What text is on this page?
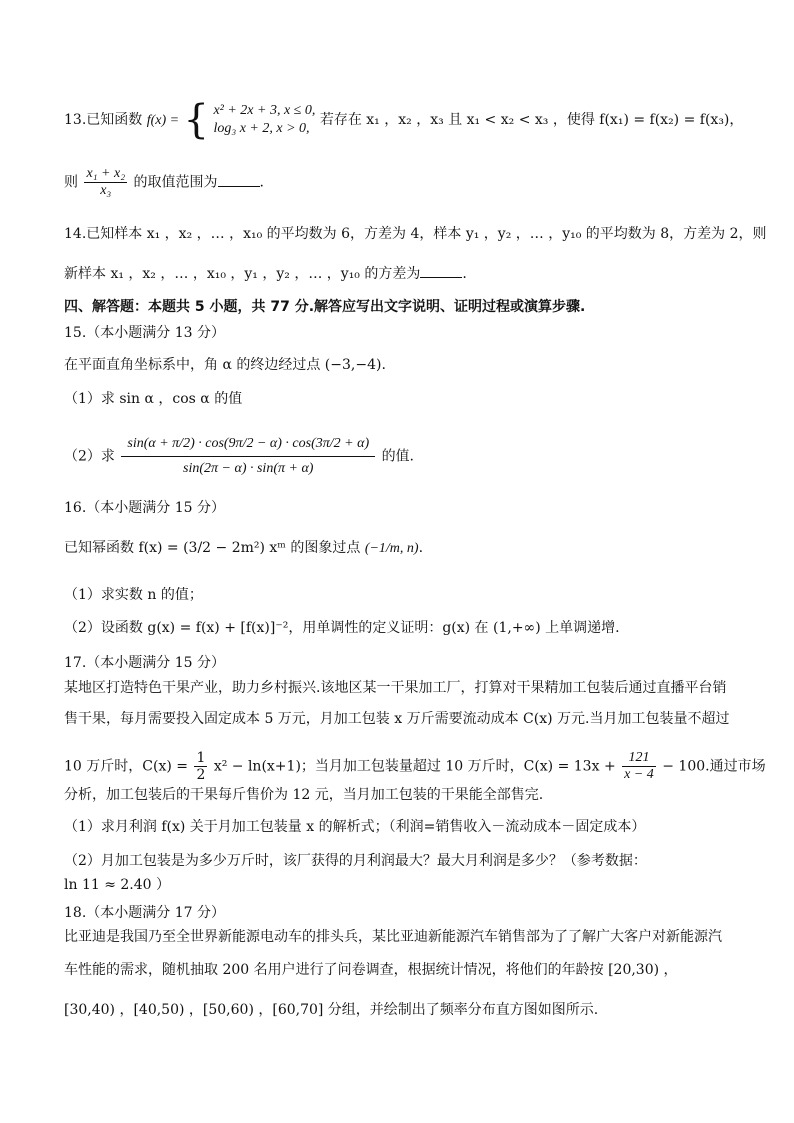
13.已知函数 f(x) = { x² + 2x + 3, x ≤ 0,
log₃ x + 2, x > 0,
若存在 x₁ ，x₂ ，x₃ 且 x₁ < x₂ < x₃ ，使得 f(x₁) = f(x₂) = f(x₃)，
则 $\frac{\text{x₁ + x₂}}{\text{x₃}}$ 的取值范围为	.
14.已知样本 x₁ ，x₂ ，… ，x₁₀ 的平均数为 6，方差为 4，样本 y₁ ，y₂ ，… ，y₁₀ 的平均数为 8，方差为 2，则
新样本 x₁ ，x₂ ，… ，x₁₀ ，y₁ ，y₂ ，… ，y₁₀ 的方差为	.
四、解答题：本题共 5 小题，共 77 分.解答应写出文字说明、证明过程或演算步骤.
15.（本小题满分 13 分）
在平面直角坐标系中，角 α 的终边经过点 (−3,−4).
（1）求 sin α ，cos α 的值
（2）求 $\frac{\sin(\alpha + \pi/2) \cdot \cos(9\pi/2 - \alpha) \cdot \cos(3\pi/2 + \alpha)}{\sin(2\pi - \alpha) \cdot \sin(\pi + \alpha)}$ 的值.
16.（本小题满分 15 分）
已知幂函数 f(x) = (3/2 − 2m²) xᵐ 的图象过点 (−1/m, n).
（1）求实数 n 的值；
（2）设函数 g(x) = f(x) + [f(x)]⁻²，用单调性的定义证明：g(x) 在 (1,+∞) 上单调递增.
17.（本小题满分 15 分）
某地区打造特色干果产业，助力乡村振兴.该地区某一干果加工厂，打算对干果精加工包装后通过直播平台销
售干果，每月需要投入固定成本 5 万元，月加工包装 x 万斤需要流动成本 C(x) 万元.当月加工包装量不超过
10 万斤时，$C(x) = \frac{1}{2} x^2 - \ln(x+1)$；当月加工包装量超过 10 万斤时，$C(x) = 13x + \frac{121}{x - 4} - 100$.通过市场
分析，加工包装后的干果每斤售价为 12 元，当月加工包装的干果能全部售完.
（1）求月利润 f(x) 关于月加工包装量 x 的解析式；（利润=销售收入－流动成本－固定成本）
（2）月加工包装是为多少万斤时，该厂获得的月利润最大？最大月利润是多少？（参考数据：
ln 11 ≈ 2.40 ）
18.（本小题满分 17 分）
比亚迪是我国乃至全世界新能源电动车的排头兵，某比亚迪新能源汽车销售部为了了解广大客户对新能源汽
车性能的需求，随机抽取 200 名用户进行了问卷调查，根据统计情况，将他们的年龄按 [20,30) ，
[30,40) ，[40,50) ，[50,60) ，[60,70] 分组，并绘制出了频率分布直方图如图所示.
